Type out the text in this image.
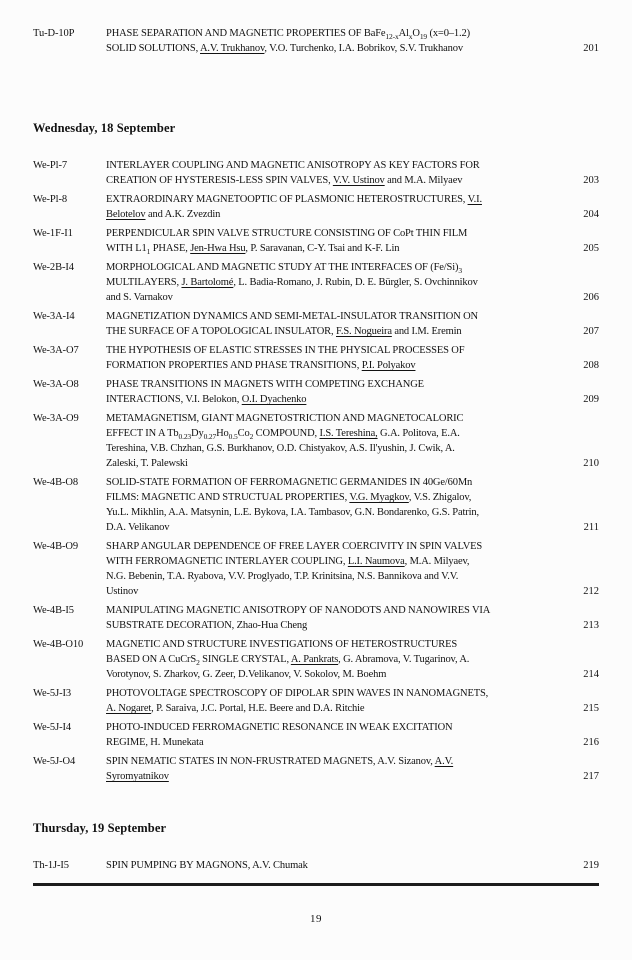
Tu-D-10P	PHASE SEPARATION AND MAGNETIC PROPERTIES OF $BaFe_{12-x}Al_xO_{19}$ (x=0–1.2)
SOLID SOLUTIONS, A.V. Trukhanov, V.O. Turchenko, I.A. Bobrikov, S.V. Trukhanov	201
Wednesday, 18 September
We-Pl-7	INTERLAYER COUPLING AND MAGNETIC ANISOTROPY AS KEY FACTORS FOR
CREATION OF HYSTERESIS-LESS SPIN VALVES, V.V. Ustinov and M.A. Milyaev	203
We-Pl-8	EXTRAORDINARY MAGNETOOPTIC OF PLASMONIC HETEROSTRUCTURES, V.I.
Belotelov and A.K. Zvezdin	204
We-1F-I1	PERPENDICULAR SPIN VALVE STRUCTURE CONSISTING OF CoPt THIN FILM
WITH $L1_1$ PHASE, Jen-Hwa Hsu, P. Saravanan, C-Y. Tsai and K-F. Lin	205
We-2B-I4	MORPHOLOGICAL AND MAGNETIC STUDY AT THE INTERFACES OF $(Fe/Si)_3$
MULTILAYERS, J. Bartolomé, L. Badia-Romano, J. Rubin, D. E. Bürgler, S. Ovchinnikov
and S. Varnakov	206
We-3A-I4	MAGNETIZATION DYNAMICS AND SEMI-METAL-INSULATOR TRANSITION ON
THE SURFACE OF A TOPOLOGICAL INSULATOR, F.S. Nogueira and I.M. Eremin	207
We-3A-O7	THE HYPOTHESIS OF ELASTIC STRESSES IN THE PHYSICAL PROCESSES OF
FORMATION PROPERTIES AND PHASE TRANSITIONS, P.I. Polyakov	208
We-3A-O8	PHASE TRANSITIONS IN MAGNETS WITH COMPETING EXCHANGE
INTERACTIONS, V.I. Belokon, O.I. Dyachenko	209
We-3A-O9	METAMAGNETISM, GIANT MAGNETOSTRICTION AND MAGNETOCALORIC
EFFECT IN A $Tb_{0.23}Dy_{0.27}Ho_{0.5}Co_2$ COMPOUND, I.S. Tereshina, G.A. Politova, E.A.
Tereshina, V.B. Chzhan, G.S. Burkhanov, O.D. Chistyakov, A.S. Il'yushin, J. Cwik, A.
Zaleski, T. Palewski	210
We-4B-O8	SOLID-STATE FORMATION OF FERROMAGNETIC GERMANIDES IN 40Ge/60Mn
FILMS: MAGNETIC AND STRUCTUAL PROPERTIES, V.G. Myagkov, V.S. Zhigalov,
Yu.L. Mikhlin, A.A. Matsynin, L.E. Bykova, I.A. Tambasov, G.N. Bondarenko, G.S. Patrin,
D.A. Velikanov	211
We-4B-O9	SHARP ANGULAR DEPENDENCE OF FREE LAYER COERCIVITY IN SPIN VALVES
WITH FERROMAGNETIC INTERLAYER COUPLING, L.I. Naumova, M.A. Milyaev,
N.G. Bebenin, T.A. Ryabova, V.V. Proglyado, T.P. Krinitsina, N.S. Bannikova and V.V.
Ustinov	212
We-4B-I5	MANIPULATING MAGNETIC ANISOTROPY OF NANODOTS AND NANOWIRES VIA
SUBSTRATE DECORATION, Zhao-Hua Cheng	213
We-4B-O10	MAGNETIC AND STRUCTURE INVESTIGATIONS OF HETEROSTRUCTURES
BASED ON A CuCrS$_2$ SINGLE CRYSTAL, A. Pankrats, G. Abramova, V. Tugarinov, A.
Vorotynov, S. Zharkov, G. Zeer, D.Velikanov, V. Sokolov, M. Boehm	214
We-5J-I3	PHOTOVOLTAGE SPECTROSCOPY OF DIPOLAR SPIN WAVES IN NANOMAGNETS,
A. Nogaret, P. Saraiva, J.C. Portal, H.E. Beere and D.A. Ritchie	215
We-5J-I4	PHOTO-INDUCED FERROMAGNETIC RESONANCE IN WEAK EXCITATION
REGIME, H. Munekata	216
We-5J-O4	SPIN NEMATIC STATES IN NON-FRUSTRATED MAGNETS, A.V. Sizanov, A.V.
Syromyatnikov	217
Thursday, 19 September
Th-1J-I5	SPIN PUMPING BY MAGNONS, A.V. Chumak	219
19
